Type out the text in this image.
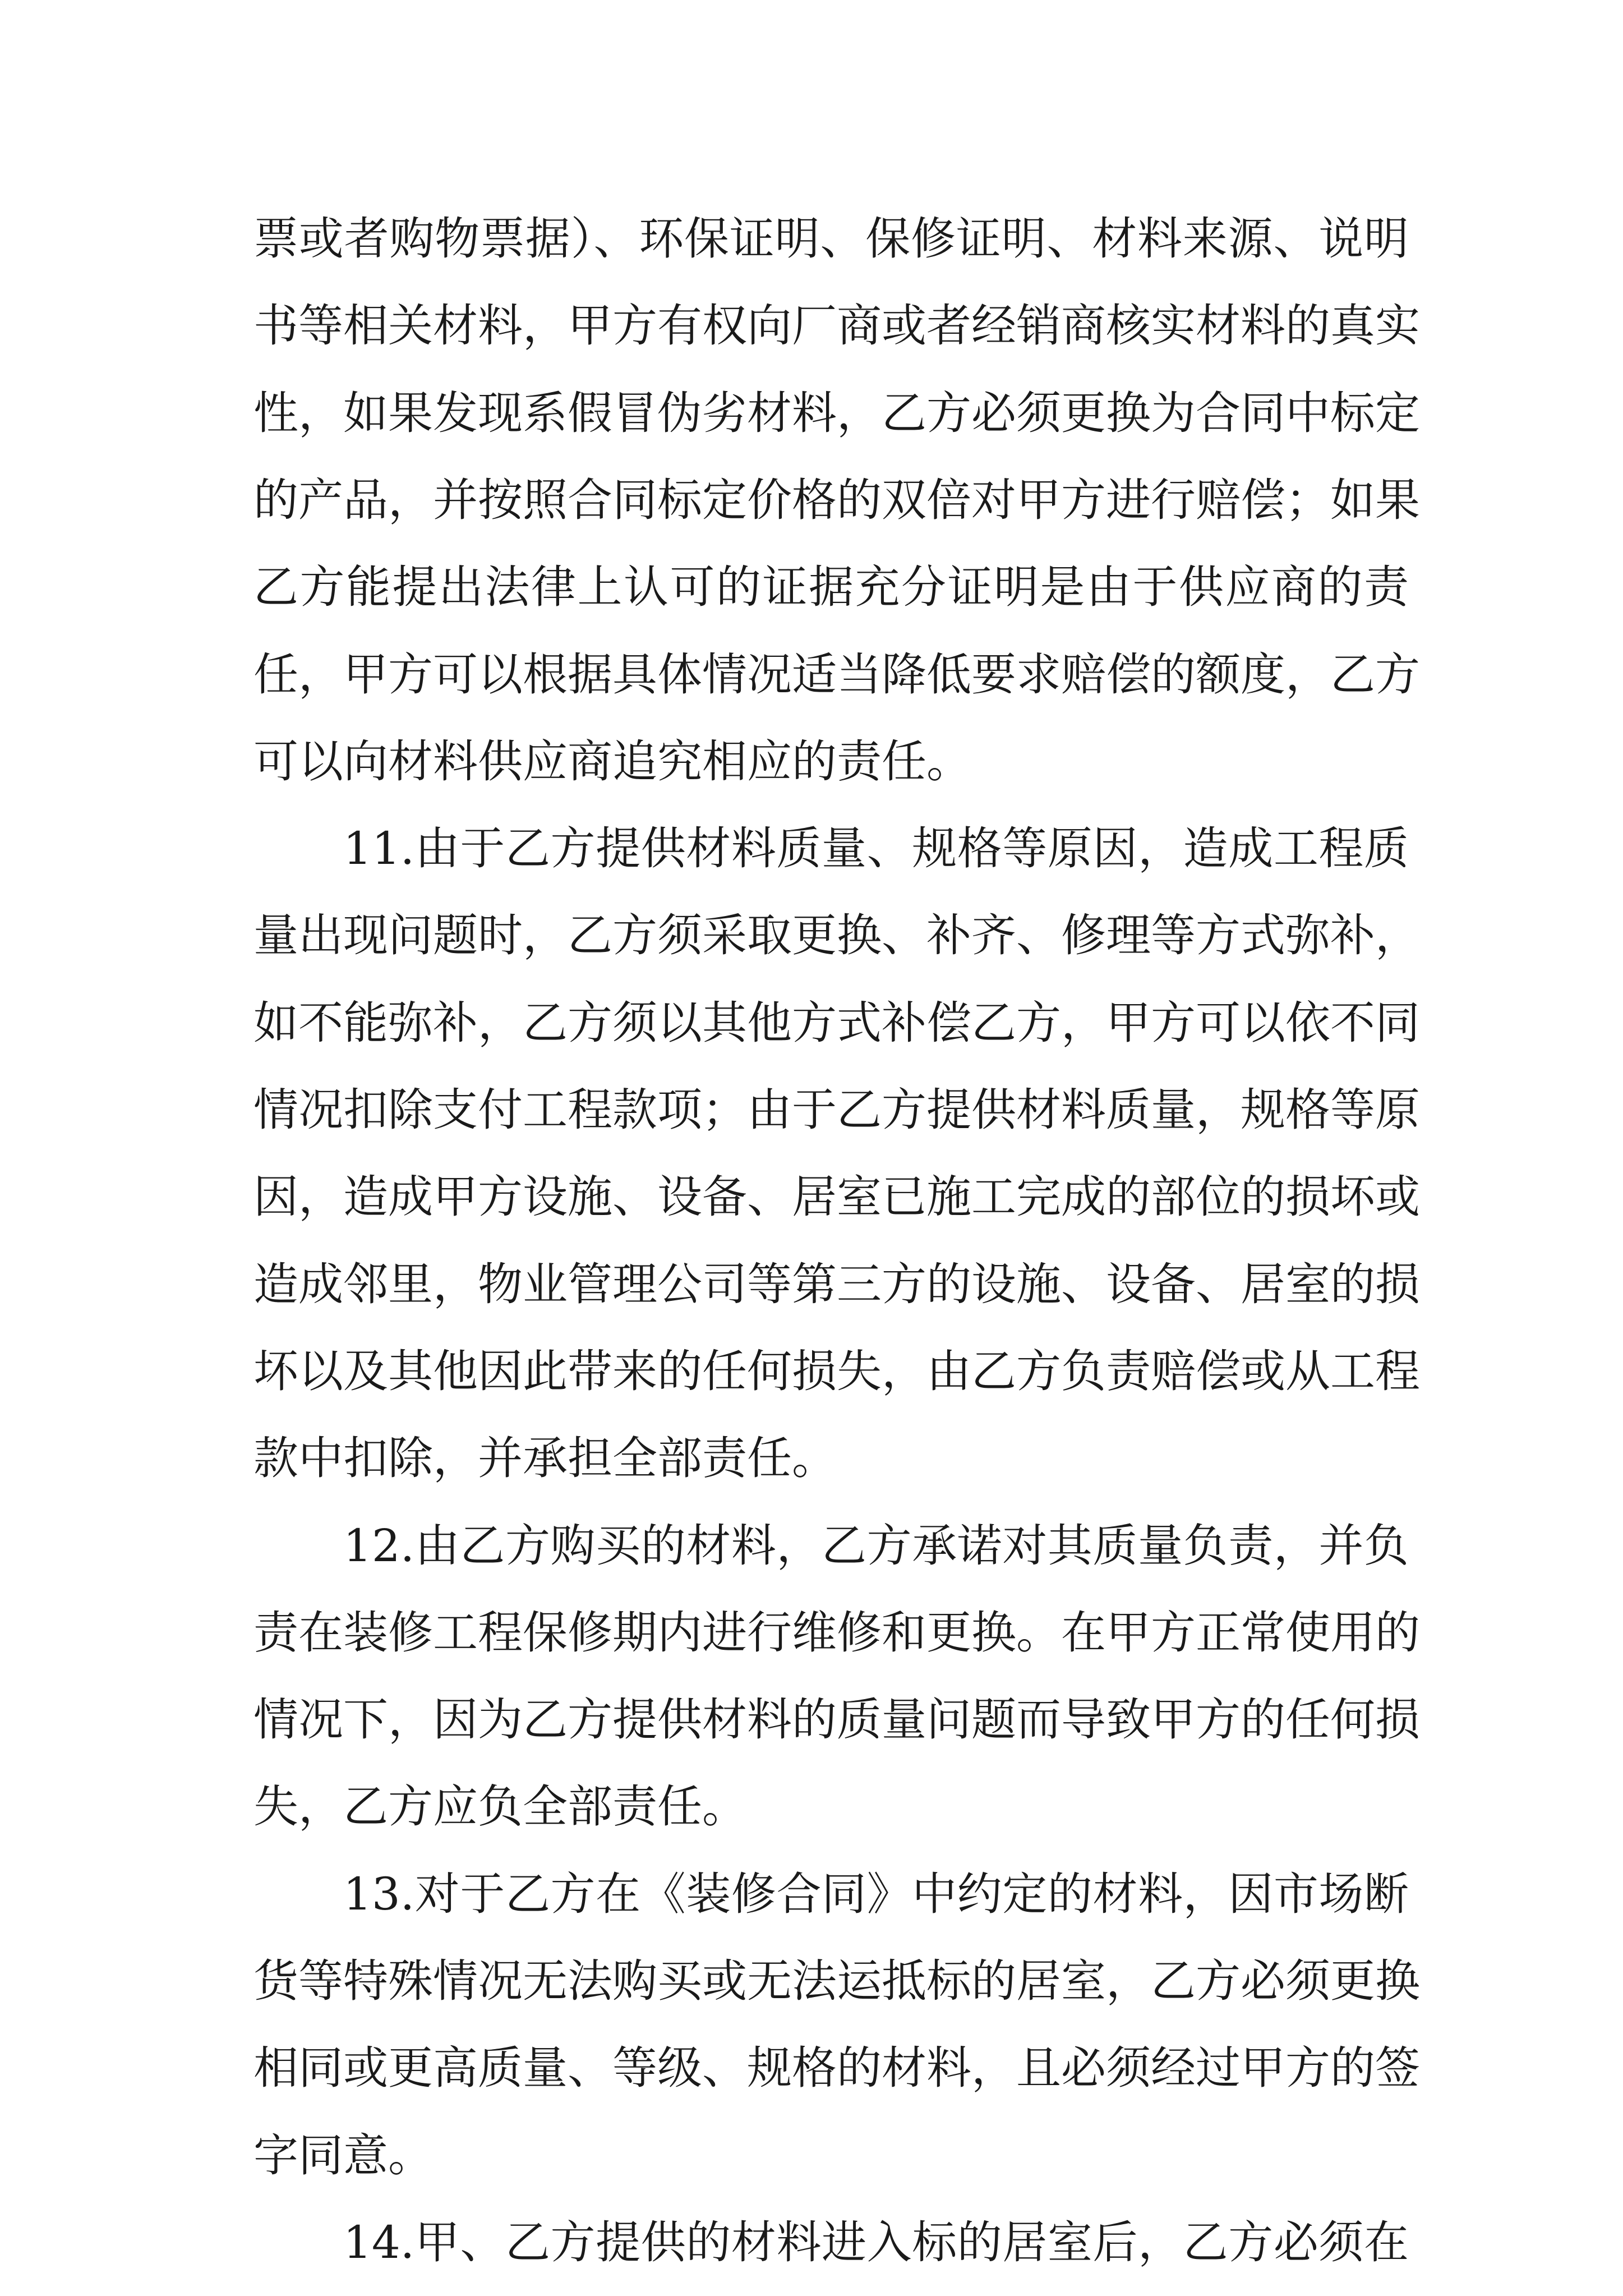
票或者购物票据）、环保证明、保修证明、材料来源、说明
书等相关材料，甲方有权向厂商或者经销商核实材料的真实
性，如果发现系假冒伪劣材料，乙方必须更换为合同中标定
的产品，并按照合同标定价格的双倍对甲方进行赔偿；如果
乙方能提出法律上认可的证据充分证明是由于供应商的责
任，甲方可以根据具体情况适当降低要求赔偿的额度，乙方
可以向材料供应商追究相应的责任。
11.由于乙方提供材料质量、规格等原因，造成工程质
量出现问题时，乙方须采取更换、补齐、修理等方式弥补，
如不能弥补，乙方须以其他方式补偿乙方，甲方可以依不同
情况扣除支付工程款项；由于乙方提供材料质量，规格等原
因，造成甲方设施、设备、居室已施工完成的部位的损坏或
造成邻里，物业管理公司等第三方的设施、设备、居室的损
坏以及其他因此带来的任何损失，由乙方负责赔偿或从工程
款中扣除，并承担全部责任。
12.由乙方购买的材料，乙方承诺对其质量负责，并负
责在装修工程保修期内进行维修和更换。在甲方正常使用的
情况下，因为乙方提供材料的质量问题而导致甲方的任何损
失，乙方应负全部责任。
13.对于乙方在《装修合同》中约定的材料，因市场断
货等特殊情况无法购买或无法运抵标的居室，乙方必须更换
相同或更高质量、等级、规格的材料，且必须经过甲方的签
字同意。
14.甲、乙方提供的材料进入标的居室后，乙方必须在
